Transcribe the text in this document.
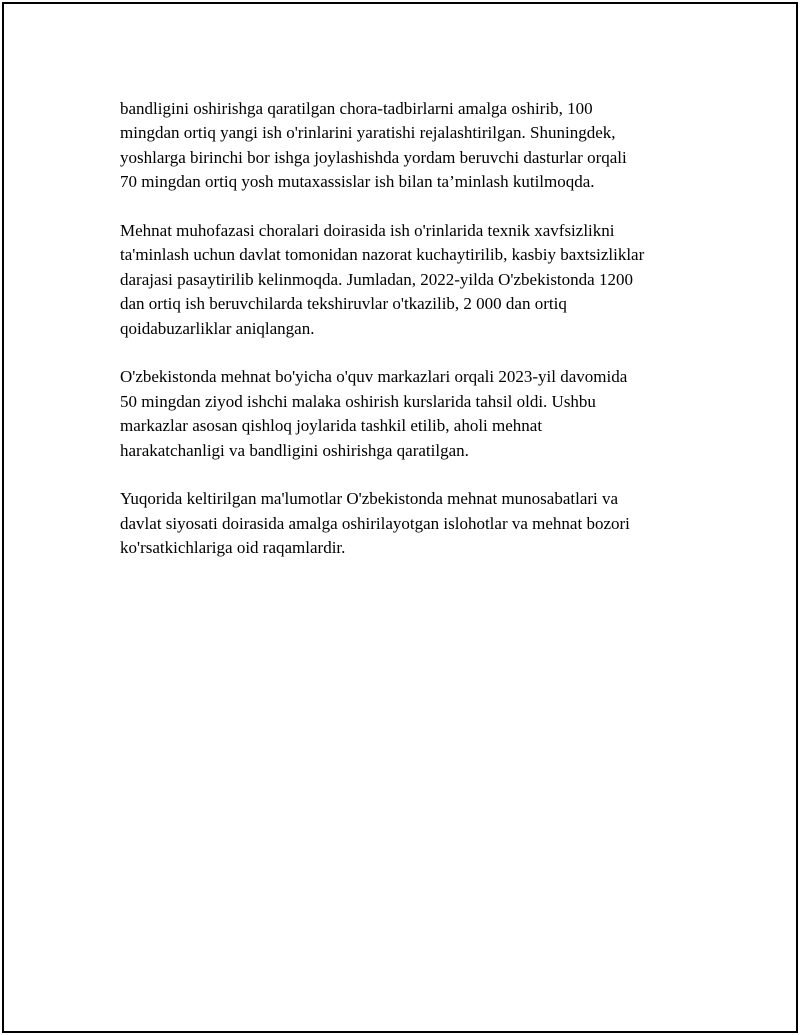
bandligini oshirishga qaratilgan chora-tadbirlarni amalga oshirib, 100
mingdan ortiq yangi ish o'rinlarini yaratishi rejalashtirilgan. Shuningdek,
yoshlarga birinchi bor ishga joylashishda yordam beruvchi dasturlar orqali
70 mingdan ortiq yosh mutaxassislar ish bilan ta’minlash kutilmoqda.

Mehnat muhofazasi choralari doirasida ish o'rinlarida texnik xavfsizlikni
ta'minlash uchun davlat tomonidan nazorat kuchaytirilib, kasbiy baxtsizliklar
darajasi pasaytirilib kelinmoqda. Jumladan, 2022-yilda O'zbekistonda 1200
dan ortiq ish beruvchilarda tekshiruvlar o'tkazilib, 2 000 dan ortiq
qoidabuzarliklar aniqlangan.

O'zbekistonda mehnat bo'yicha o'quv markazlari orqali 2023-yil davomida
50 mingdan ziyod ishchi malaka oshirish kurslarida tahsil oldi. Ushbu
markazlar asosan qishloq joylarida tashkil etilib, aholi mehnat
harakatchanligi va bandligini oshirishga qaratilgan.

Yuqorida keltirilgan ma'lumotlar O'zbekistonda mehnat munosabatlari va
davlat siyosati doirasida amalga oshirilayotgan islohotlar va mehnat bozori
ko'rsatkichlariga oid raqamlardir.
